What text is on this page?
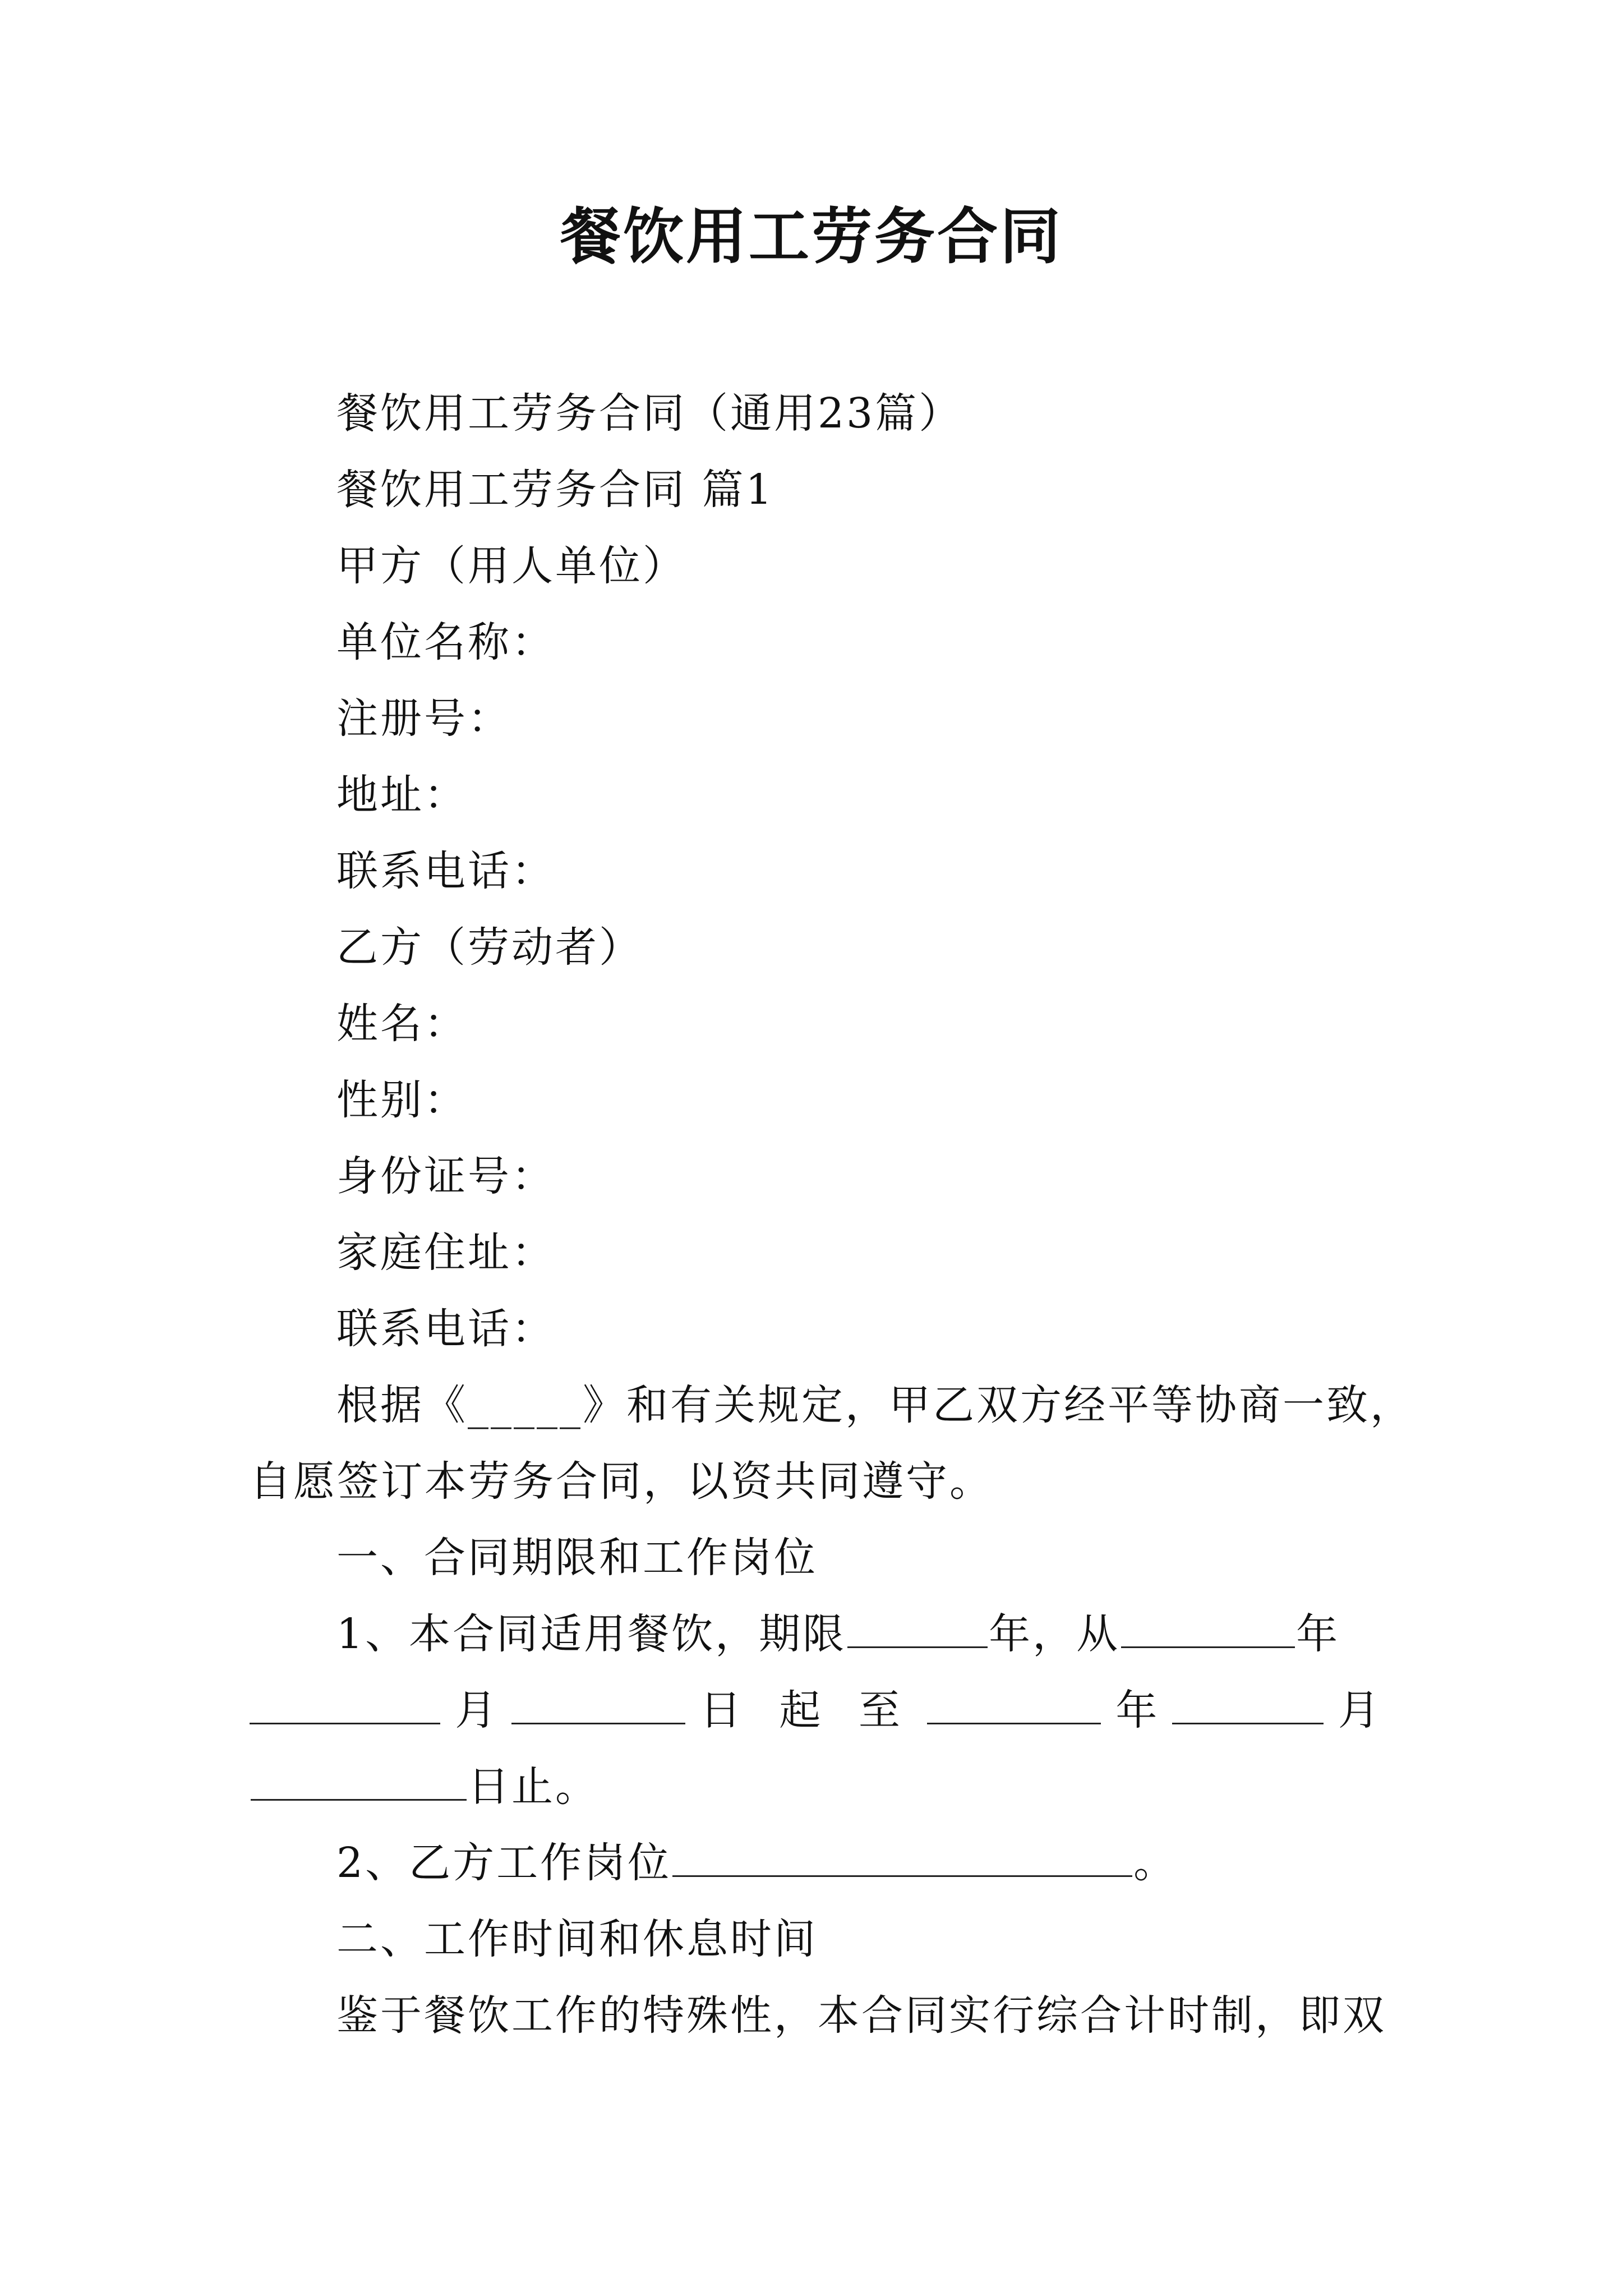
餐饮用工劳务合同
餐饮用工劳务合同（通用23篇）
餐饮用工劳务合同 篇1
甲方（用人单位）
单位名称：
注册号：
地址：
联系电话：
乙方（劳动者）
姓名：
性别：
身份证号：
家庭住址：
联系电话：
根据《_____》和有关规定，甲乙双方经平等协商一致，
自愿签订本劳务合同，以资共同遵守。
一、合同期限和工作岗位
1、本合同适用餐饮，期限	年，从	年
月	日 起 至	年	月
日止。
2、乙方工作岗位	。
二、工作时间和休息时间
鉴于餐饮工作的特殊性，本合同实行综合计时制，即双
